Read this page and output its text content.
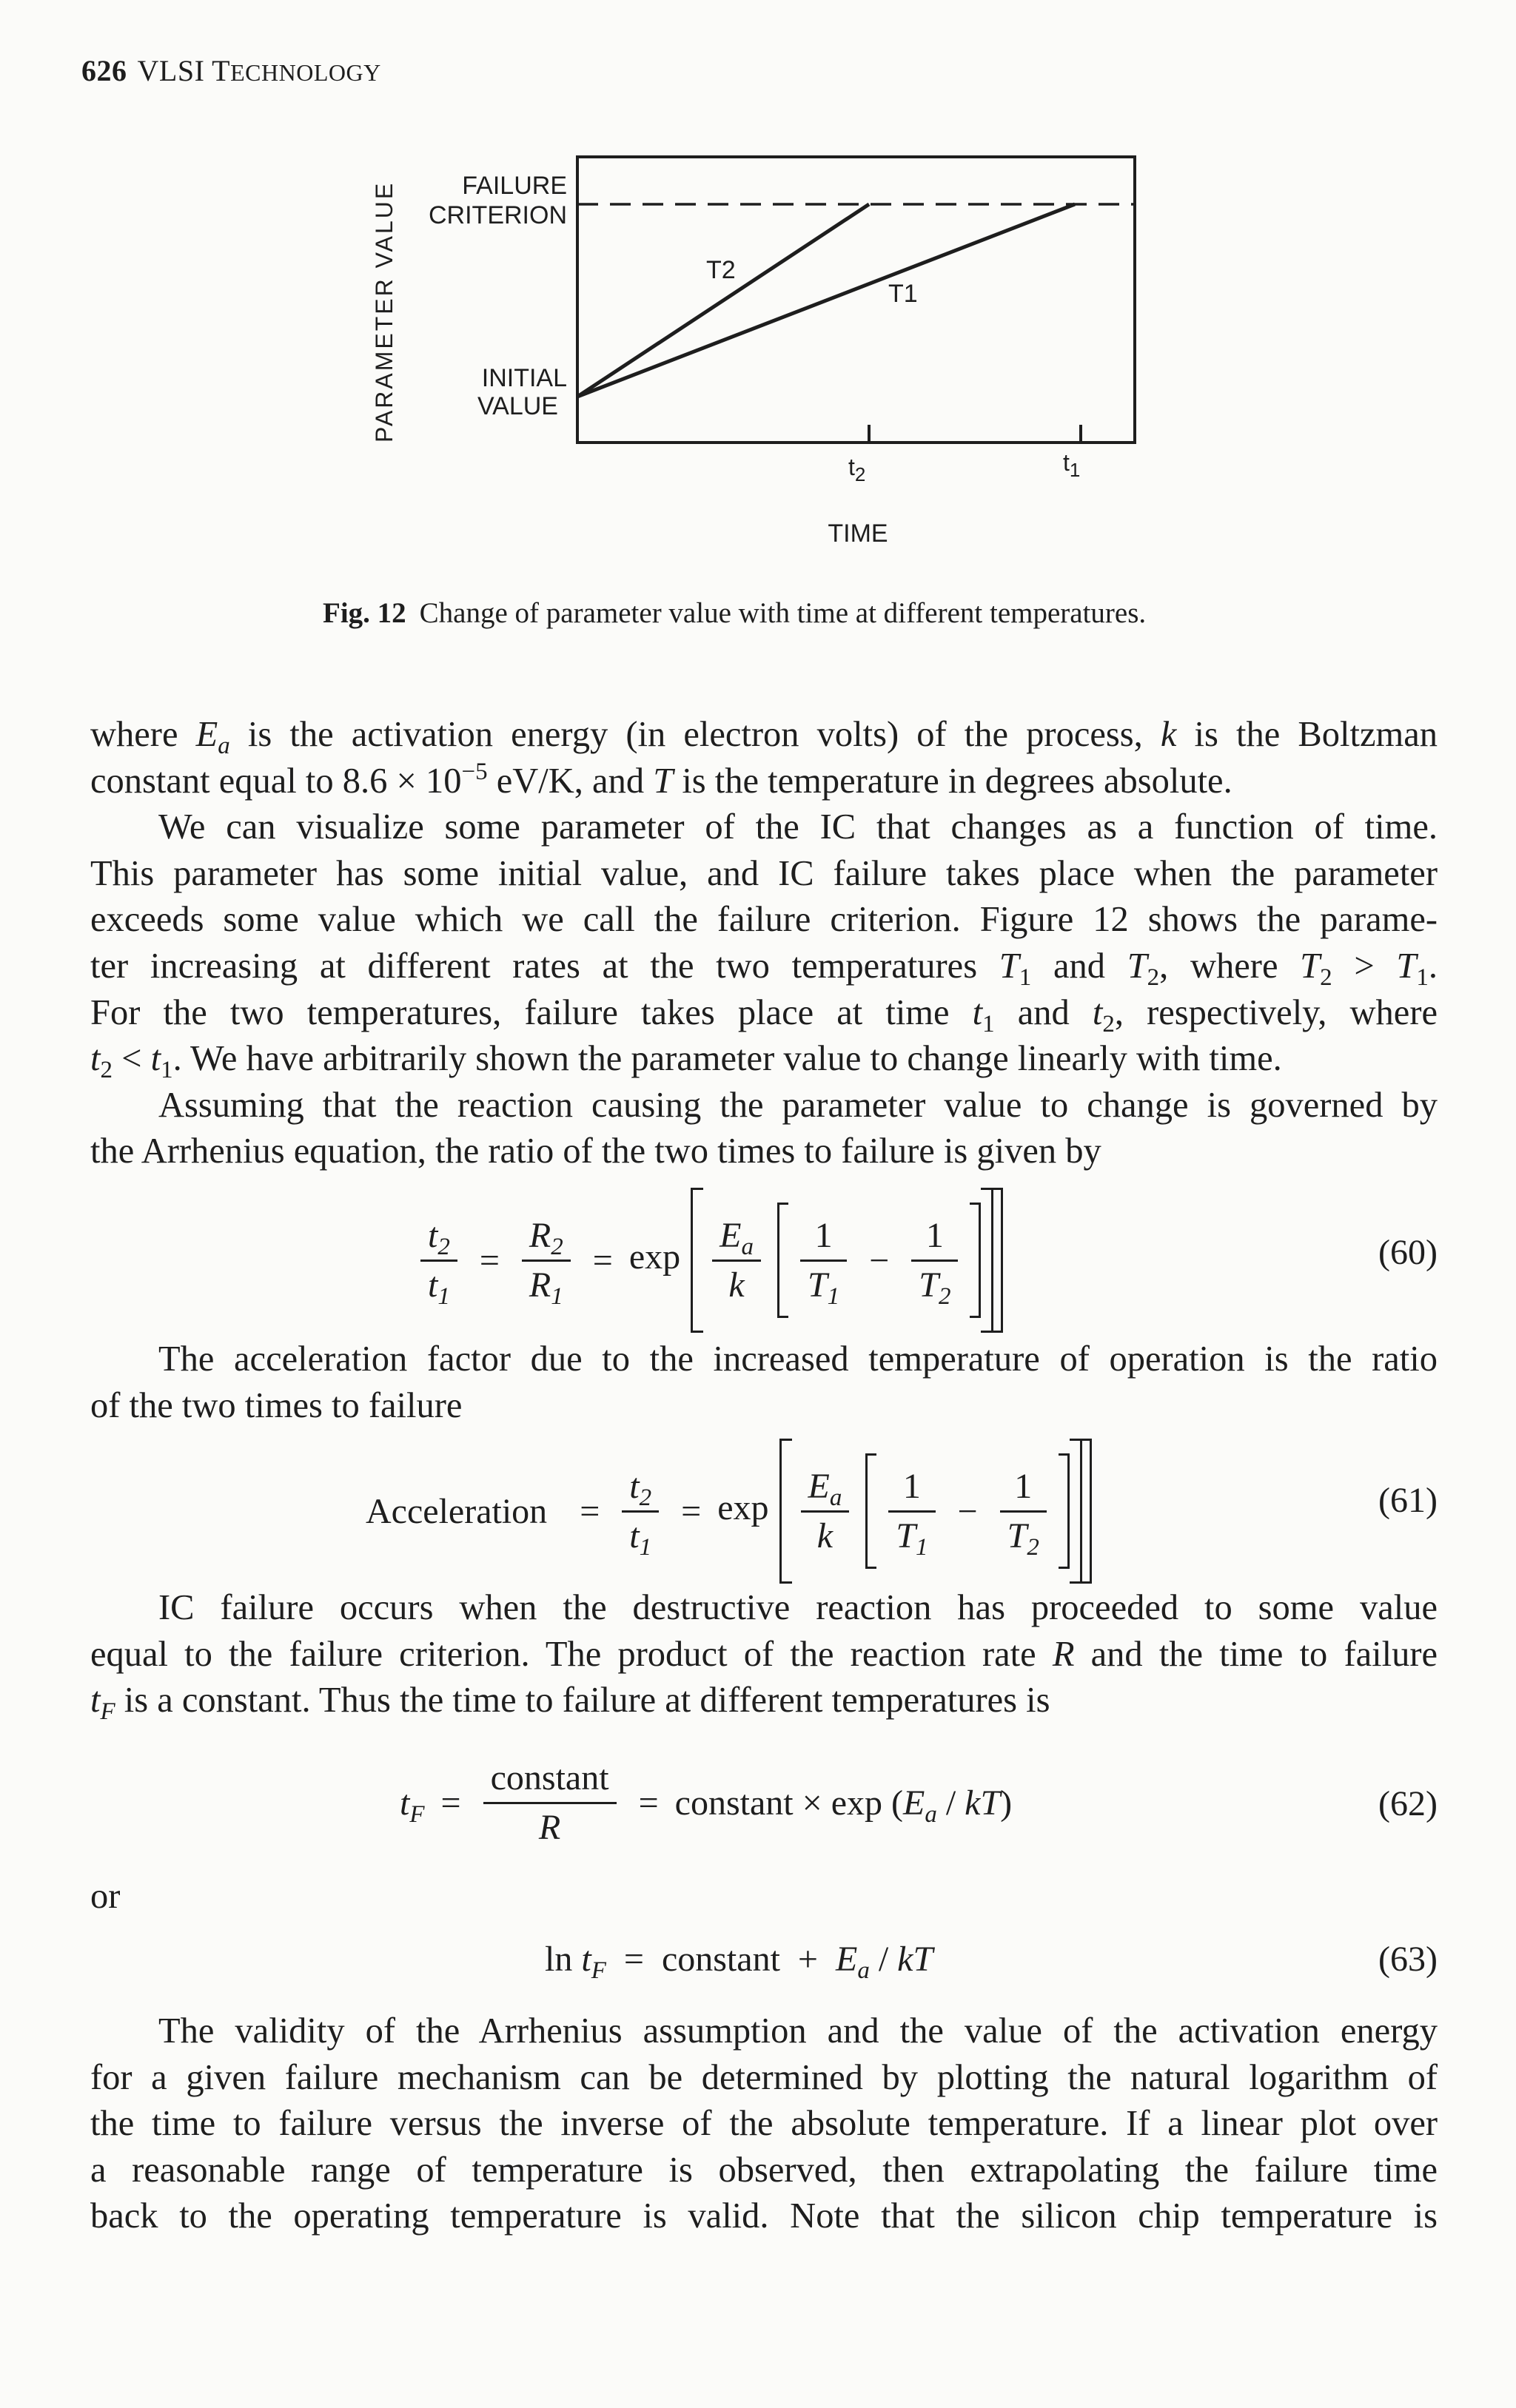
626 VLSI TECHNOLOGY
PARAMETER VALUE	FAILURE
CRITERION
INITIAL
VALUE
T2
T1
$t_2$	$t_1$
TIME
Fig. 12 Change of parameter value with time at different temperatures.
where $E_a$ is the activation energy (in electron volts) of the process, k is the Boltzman
constant equal to $8.6 \times 10^{-5}$ eV/K, and T is the temperature in degrees absolute.
We can visualize some parameter of the IC that changes as a function of time.
This parameter has some initial value, and IC failure takes place when the parameter
exceeds some value which we call the failure criterion. Figure 12 shows the parame-
ter increasing at different rates at the two temperatures $T_1$ and $T_2$, where $T_2 > T_1$.
For the two temperatures, failure takes place at time $t_1$ and $t_2$, respectively, where
$t_2 < t_1$. We have arbitrarily shown the parameter value to change linearly with time.
Assuming that the reaction causing the parameter value to change is governed by
the Arrhenius equation, the ratio of the two times to failure is given by
$\frac{t_2}{t_1} = \frac{R_2}{R_1} = \exp \frac{E_a}{k} \frac{1}{T_1} - \frac{1}{T_2}$	(60)
The acceleration factor due to the increased temperature of operation is the ratio
of the two times to failure
Acceleration = $\frac{t_2}{t_1} = \exp \frac{E_a}{k} \frac{1}{T_1} - \frac{1}{T_2}$	(61)
IC failure occurs when the destructive reaction has proceeded to some value
equal to the failure criterion. The product of the reaction rate R and the time to failure
$t_F$ is a constant. Thus the time to failure at different temperatures is
$t_F = \frac{\text{constant}}{R}$ = constant × $\exp (E_a / kT)$	(62)
or
$\ln t_F$  =  constant  +  $E_a$ / kT	(63)
The validity of the Arrhenius assumption and the value of the activation energy
for a given failure mechanism can be determined by plotting the natural logarithm of
the time to failure versus the inverse of the absolute temperature. If a linear plot over
a reasonable range of temperature is observed, then extrapolating the failure time
back to the operating temperature is valid. Note that the silicon chip temperature is
